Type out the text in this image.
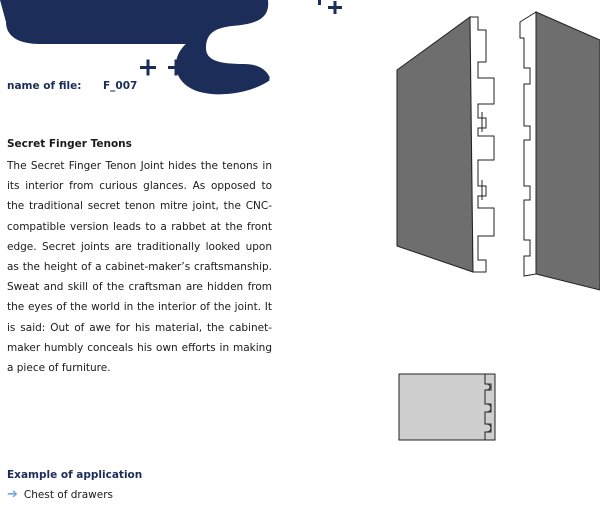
name of file: F_007
Secret Finger Tenons

The Secret Finger Tenon Joint hides the tenons in its interior from curious glances. As opposed to the traditional secret tenon mitre joint, the CNC-compatible version leads to a rabbet at the front edge. Secret joints are traditionally looked upon as the height of a cabinet-maker’s craftsmanship. Sweat and skill of the craftsman are hidden from the eyes of the world in the interior of the joint. It is said: Out of awe for his material, the cabinet-maker humbly conceals his own efforts in making a piece of furniture.

Example of application
➔ Chest of drawers
